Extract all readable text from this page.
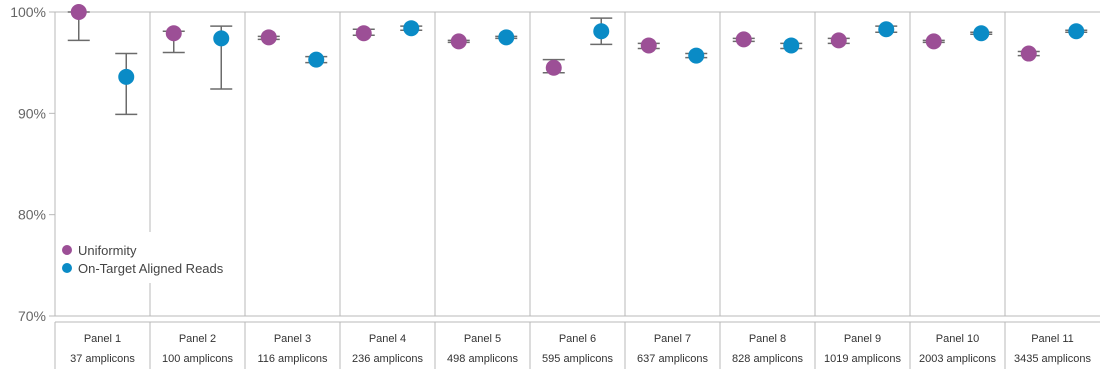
70%
80%
90%
100%
Panel 1
37 amplicons
Panel 2
100 amplicons
Panel 3
116 amplicons
Panel 4
236 amplicons
Panel 5
498 amplicons
Panel 6
595 amplicons
Panel 7
637 amplicons
Panel 8
828 amplicons
Panel 9
1019 amplicons
Panel 10
2003 amplicons
Panel 11
3435 amplicons
Uniformity
On-Target Aligned Reads
